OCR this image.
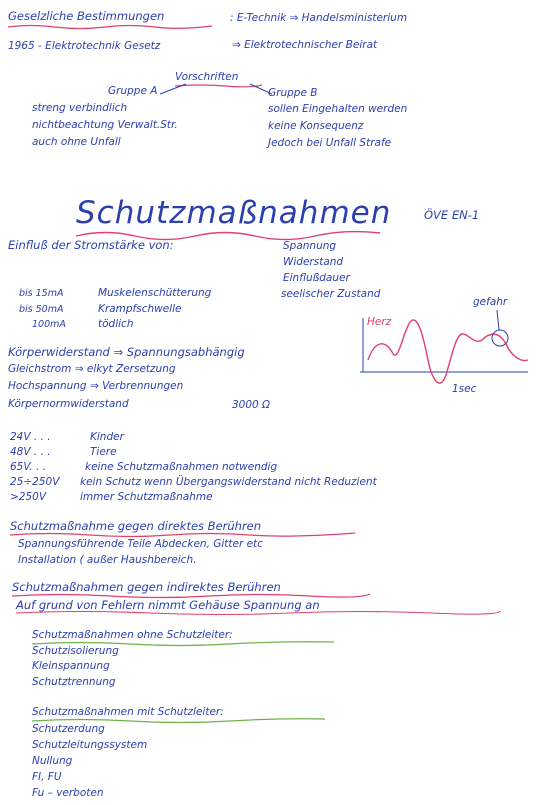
Geselzliche Bestimmungen	: E-Technik ⇒ Handelsministerium
1965 - Elektrotechnik Gesetz	⇒ Elektrotechnischer Beirat
Vorschriften
Gruppe A	Gruppe B
streng verbindlich
nichtbeachtung Verwalt.Str.
auch ohne Unfall
sollen Eingehalten werden
keine Konsequenz
Jedoch bei Unfall Strafe
Schutzmaßnahmen	ÖVE EN-1
Einfluß der Stromstärke von:	Spannung
Widerstand
Einflußdauer
seelischer Zustand
bis 15mA	Muskelenschütterung
bis 50mA	Krampfschwelle
100mA	tödlich	Herz
1sec
gefahr
Körperwiderstand ⇒ Spannungsabhängig
Gleichstrom ⇒ elkyt Zersetzung
Hochspannung ⇒ Verbrennungen
Körpernormwiderstand	3000 Ω
24V . . .	Kinder
48V . . .	Tiere
65V. . .	keine Schutzmaßnahmen notwendig
25÷250V kein Schutz wenn Übergangswiderstand nicht Reduzient
>250V	immer Schutzmaßnahme
Schutzmaßnahme gegen direktes Berühren
Spannungsführende Teile Abdecken, Gitter etc
Installation ( außer Haushbereich.
Schutzmaßnahmen gegen indirektes Berühren
Auf grund von Fehlern nimmt Gehäuse Spannung an
Schutzmaßnahmen ohne Schutzleiter:
Schutzisolierung
Kleinspannung
Schutztrennung
Schutzmaßnahmen mit Schutzleiter:
Schutzerdung
Schutzleitungssystem
Nullung
FI, FU
Fu – verboten
